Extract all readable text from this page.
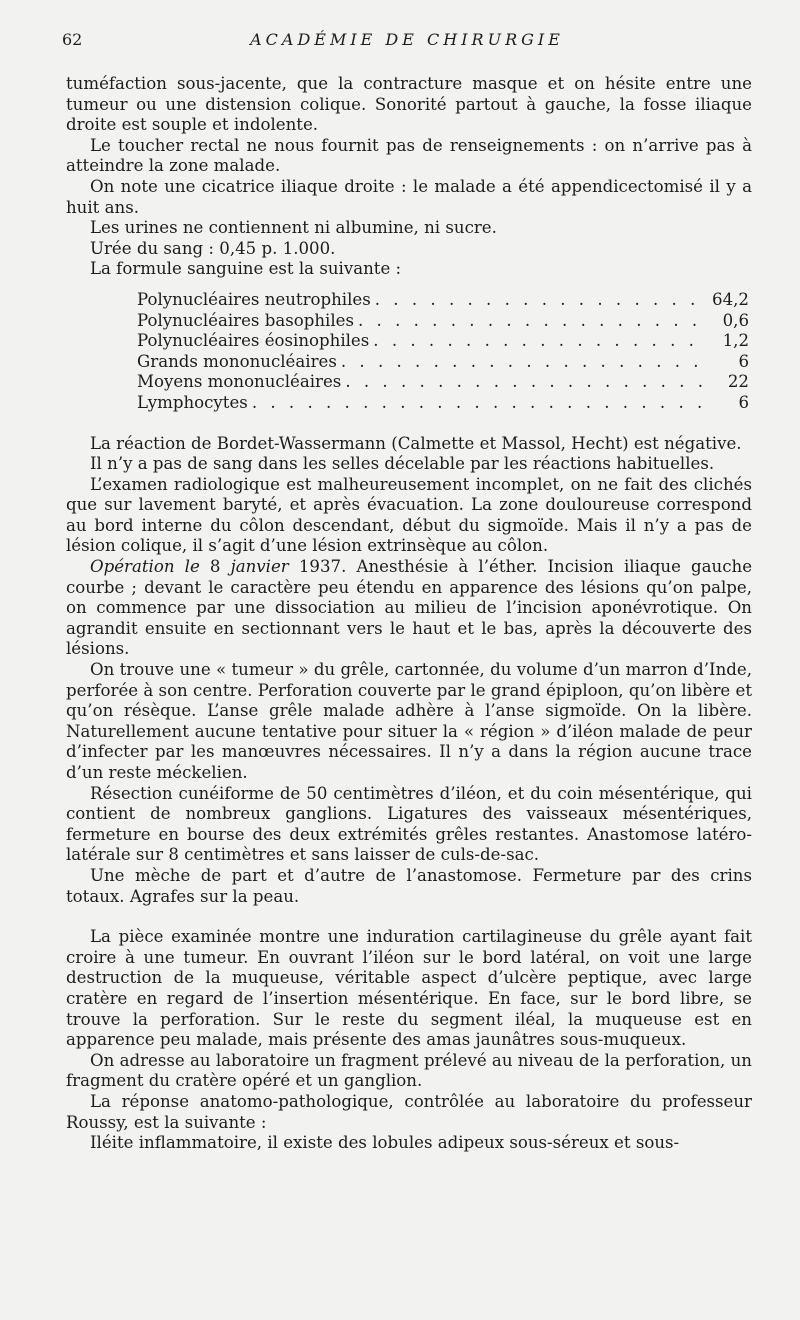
62	ACADÉMIE DE CHIRURGIE

tuméfaction sous-jacente, que la contracture masque et on hésite entre une tumeur ou une distension colique. Sonorité partout à gauche, la fosse iliaque droite est souple et indolente.

Le toucher rectal ne nous fournit pas de renseignements : on n’arrive pas à atteindre la zone malade.

On note une cicatrice iliaque droite : le malade a été appendicectomisé il y a huit ans.

Les urines ne contiennent ni albumine, ni sucre.

Urée du sang : 0,45 p. 1.000.

La formule sanguine est la suivante :

Polynucléaires neutrophiles . . .	64,2
Polynucléaires basophiles . . .	0,6
Polynucléaires éosinophiles . . .	1,2
Grands mononucléaires . . .	6
Moyens mononucléaires . . .	22
Lymphocytes . . .	6

La réaction de Bordet-Wassermann (Calmette et Massol, Hecht) est négative.

Il n’y a pas de sang dans les selles décelable par les réactions habituelles.

L’examen radiologique est malheureusement incomplet, on ne fait des clichés que sur lavement baryté, et après évacuation. La zone douloureuse correspond au bord interne du côlon descendant, début du sigmoïde. Mais il n’y a pas de lésion colique, il s’agit d’une lésion extrinsèque au côlon.

Opération le 8 janvier 1937. Anesthésie à l’éther. Incision iliaque gauche courbe ; devant le caractère peu étendu en apparence des lésions qu’on palpe, on commence par une dissociation au milieu de l’incision aponévrotique. On agrandit ensuite en sectionnant vers le haut et le bas, après la découverte des lésions.

On trouve une « tumeur » du grêle, cartonnée, du volume d’un marron d’Inde, perforée à son centre. Perforation couverte par le grand épiploon, qu’on libère et qu’on résèque. L’anse grêle malade adhère à l’anse sigmoïde. On la libère. Naturellement aucune tentative pour situer la « région » d’iléon malade de peur d’infecter par les manœuvres nécessaires. Il n’y a dans la région aucune trace d’un reste méckelien.

Résection cunéiforme de 50 centimètres d’iléon, et du coin mésentérique, qui contient de nombreux ganglions. Ligatures des vaisseaux mésentériques, fermeture en bourse des deux extrémités grêles restantes. Anastomose latéro-latérale sur 8 centimètres et sans laisser de culs-de-sac.

Une mèche de part et d’autre de l’anastomose. Fermeture par des crins totaux. Agrafes sur la peau.

La pièce examinée montre une induration cartilagineuse du grêle ayant fait croire à une tumeur. En ouvrant l’iléon sur le bord latéral, on voit une large destruction de la muqueuse, véritable aspect d’ulcère peptique, avec large cratère en regard de l’insertion mésentérique. En face, sur le bord libre, se trouve la perforation. Sur le reste du segment iléal, la muqueuse est en apparence peu malade, mais présente des amas jaunâtres sous-muqueux.

On adresse au laboratoire un fragment prélevé au niveau de la perforation, un fragment du cratère opéré et un ganglion.

La réponse anatomo-pathologique, contrôlée au laboratoire du professeur Roussy, est la suivante :

Iléite inflammatoire, il existe des lobules adipeux sous-séreux et sous-
